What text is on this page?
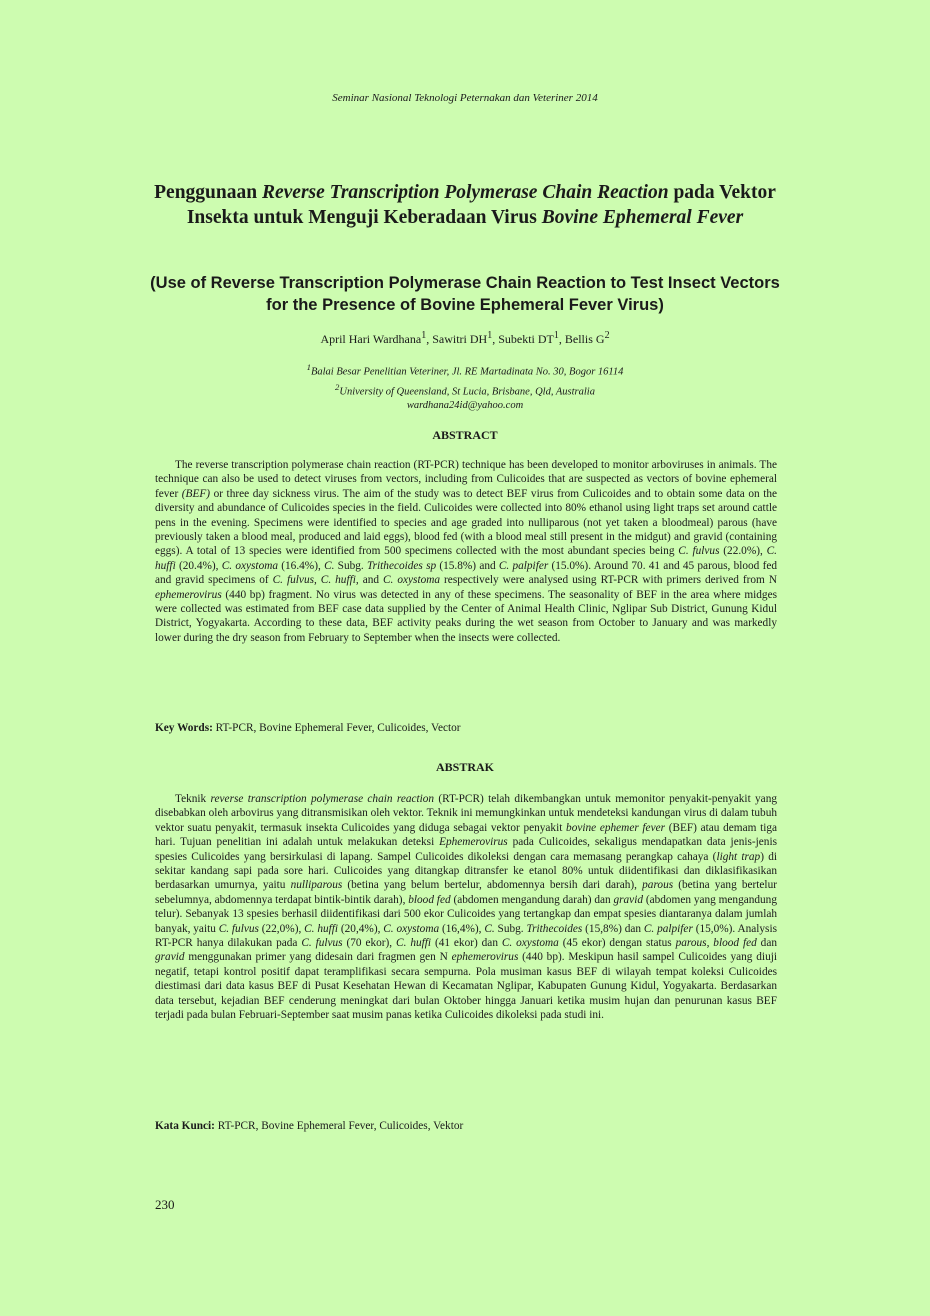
Seminar Nasional Teknologi Peternakan dan Veteriner 2014
Penggunaan Reverse Transcription Polymerase Chain Reaction pada Vektor Insekta untuk Menguji Keberadaan Virus Bovine Ephemeral Fever
(Use of Reverse Transcription Polymerase Chain Reaction to Test Insect Vectors for the Presence of Bovine Ephemeral Fever Virus)
April Hari Wardhana$^1$, Sawitri $DH^1$, Subekti $DT^1$, Bellis $G^2$
$^1$Balai Besar Penelitian Veteriner, Jl. RE Martadinata No. 30, Bogor 16114
$^2$University of Queensland, St Lucia, Brisbane, Qld, Australia
wardhana24id@yahoo.com
ABSTRACT

The reverse transcription polymerase chain reaction (RT-PCR) technique has been developed to monitor arboviruses in animals. The technique can also be used to detect viruses from vectors, including from Culicoides that are suspected as vectors of bovine ephemeral fever (BEF) or three day sickness virus. The aim of the study was to detect BEF virus from Culicoides and to obtain some data on the diversity and abundance of Culicoides species in the field. Culicoides were collected into 80% ethanol using light traps set around cattle pens in the evening. Specimens were identified to species and age graded into nulliparous (not yet taken a bloodmeal) parous (have previously taken a blood meal, produced and laid eggs), blood fed (with a blood meal still present in the midgut) and gravid (containing eggs). A total of 13 species were identified from 500 specimens collected with the most abundant species being C. fulvus (22.0%), C. huffi (20.4%), C. oxystoma (16.4%), C. Subg. Trithecoides sp (15.8%) and C. palpifer (15.0%). Around 70. 41 and 45 parous, blood fed and gravid specimens of C. fulvus, C. huffi, and C. oxystoma respectively were analysed using RT-PCR with primers derived from N ephemerovirus (440 bp) fragment. No virus was detected in any of these specimens. The seasonality of BEF in the area where midges were collected was estimated from BEF case data supplied by the Center of Animal Health Clinic, Nglipar Sub District, Gunung Kidul District, Yogyakarta. According to these data, BEF activity peaks during the wet season from October to January and was markedly lower during the dry season from February to September when the insects were collected.

Key Words: RT-PCR, Bovine Ephemeral Fever, Culicoides, Vector
ABSTRAK

Teknik reverse transcription polymerase chain reaction (RT-PCR) telah dikembangkan untuk memonitor penyakit-penyakit yang disebabkan oleh arbovirus yang ditransmisikan oleh vektor. Teknik ini memungkinkan untuk mendeteksi kandungan virus di dalam tubuh vektor suatu penyakit, termasuk insekta Culicoides yang diduga sebagai vektor penyakit bovine ephemer fever (BEF) atau demam tiga hari. Tujuan penelitian ini adalah untuk melakukan deteksi Ephemerovirus pada Culicoides, sekaligus mendapatkan data jenis-jenis spesies Culicoides yang bersirkulasi di lapang. Sampel Culicoides dikoleksi dengan cara memasang perangkap cahaya (light trap) di sekitar kandang sapi pada sore hari. Culicoides yang ditangkap ditransfer ke etanol 80% untuk diidentifikasi dan diklasifikasikan berdasarkan umurnya, yaitu nulliparous (betina yang belum bertelur, abdomennya bersih dari darah), parous (betina yang bertelur sebelumnya, abdomennya terdapat bintik-bintik darah), blood fed (abdomen mengandung darah) dan gravid (abdomen yang mengandung telur). Sebanyak 13 spesies berhasil diidentifikasi dari 500 ekor Culicoides yang tertangkap dan empat spesies diantaranya dalam jumlah banyak, yaitu C. fulvus (22,0%), C. huffi (20,4%), C. oxystoma (16,4%), C. Subg. Trithecoides (15,8%) dan C. palpifer (15,0%). Analysis RT-PCR hanya dilakukan pada C. fulvus (70 ekor), C. huffi (41 ekor) dan C. oxystoma (45 ekor) dengan status parous, blood fed dan gravid menggunakan primer yang didesain dari fragmen gen N ephemerovirus (440 bp). Meskipun hasil sampel Culicoides yang diuji negatif, tetapi kontrol positif dapat teramplifikasi secara sempurna. Pola musiman kasus BEF di wilayah tempat koleksi Culicoides diestimasi dari data kasus BEF di Pusat Kesehatan Hewan di Kecamatan Nglipar, Kabupaten Gunung Kidul, Yogyakarta. Berdasarkan data tersebut, kejadian BEF cenderung meningkat dari bulan Oktober hingga Januari ketika musim hujan dan penurunan kasus BEF terjadi pada bulan Februari-September saat musim panas ketika Culicoides dikoleksi pada studi ini.

Kata Kunci: RT-PCR, Bovine Ephemeral Fever, Culicoides, Vektor
230
